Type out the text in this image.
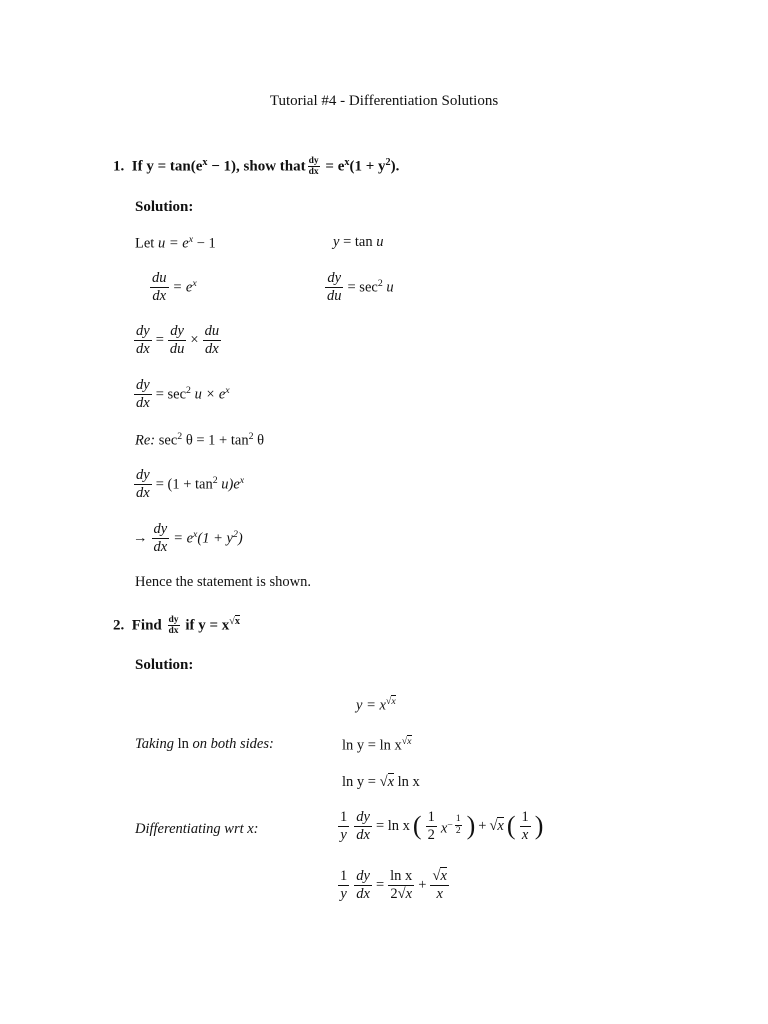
Tutorial #4 - Differentiation Solutions
1. If $y = \tan(e^x - 1)$, show that $\frac{dy}{dx} = e^x(1 + y^2)$.
Solution:
Let $u = e^x - 1$	y = tan u
$\frac{du}{dx} = e^x$	$\frac{dy}{du} = \sec^2 u$
$\frac{dy}{dx} = \frac{dy}{du} \times \frac{du}{dx}$
$\frac{dy}{dx} = \sec^2 u \times e^x$
Re: $\sec^2 \theta = 1 + \tan^2 \theta$
$\frac{dy}{dx} = (1 + \tan^2 u)e^x$
→ $\frac{dy}{dx} = e^x(1 + y^2)$
Hence the statement is shown.
2. Find $\frac{dy}{dx}$ if $y = x^{√x}$
Solution:
$y = x^{√x}$
Taking ln on both sides:	$\ln y = \ln x^{√x}$
ln y = √x ln x
Differentiating wrt x:	$\frac{1}{y} \frac{dy}{dx} = \ln x$ ( $\frac{1}{2} x^{- \frac{1}{2}}$ ) + √x ( $\frac{1}{x}$ )
$\frac{1}{y} \frac{dy}{dx} = \frac{\text{ln x}}{2√x} + \frac{√x}{x}$
